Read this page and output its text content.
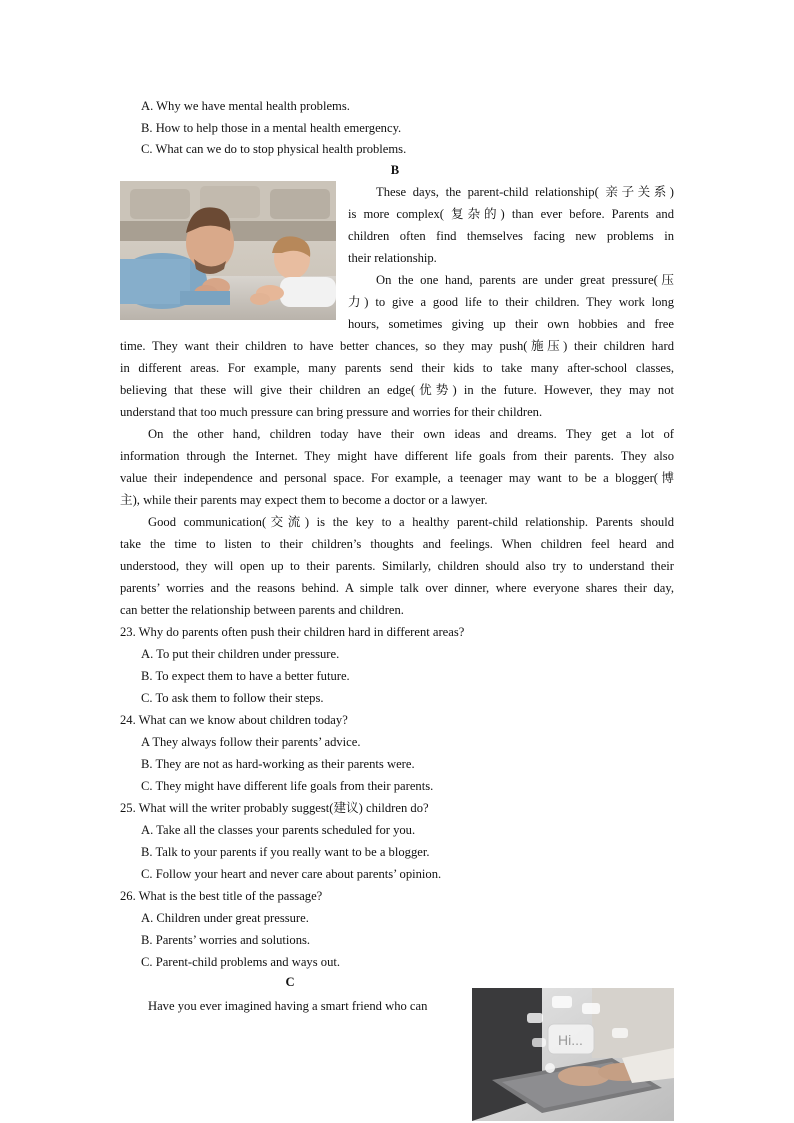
A. Why we have mental health problems.
B. How to help those in a mental health emergency.
C. What can we do to stop physical health problems.
B
These days, the parent-child relationship( 亲子关系)
is more complex( 复杂的) than ever before. Parents and
children often find themselves facing new problems in
their relationship.
On the one hand, parents are under great pressure(压
力) to give a good life to their children. They work long
hours, sometimes giving up their own hobbies and free
time. They want their children to have better chances, so they may push(施压) their children hard
in different areas. For example, many parents send their kids to take many after-school classes,
believing that these will give their children an edge(优势) in the future. However, they may not
understand that too much pressure can bring pressure and worries for their children.
On the other hand, children today have their own ideas and dreams. They get a lot of
information through the Internet. They might have different life goals from their parents. They also
value their independence and personal space. For example, a teenager may want to be a blogger(博
主), while their parents may expect them to become a doctor or a lawyer.
Good communication(交流) is the key to a healthy parent-child relationship. Parents should
take the time to listen to their children’s thoughts and feelings. When children feel heard and
understood, they will open up to their parents. Similarly, children should also try to understand their
parents’ worries and the reasons behind. A simple talk over dinner, where everyone shares their day,
can better the relationship between parents and children.
23. Why do parents often push their children hard in different areas?
A. To put their children under pressure.
B. To expect them to have a better future.
C. To ask them to follow their steps.
24. What can we know about children today?
A They always follow their parents’ advice.
B. They are not as hard-working as their parents were.
C. They might have different life goals from their parents.
25. What will the writer probably suggest(建议) children do?
A. Take all the classes your parents scheduled for you.
B. Talk to your parents if you really want to be a blogger.
C. Follow your heart and never care about parents’ opinion.
26. What is the best title of the passage?
A. Children under great pressure.
B. Parents’ worries and solutions.
C. Parent-child problems and ways out.
C
Have you ever imagined having a smart friend who can
Hi...
